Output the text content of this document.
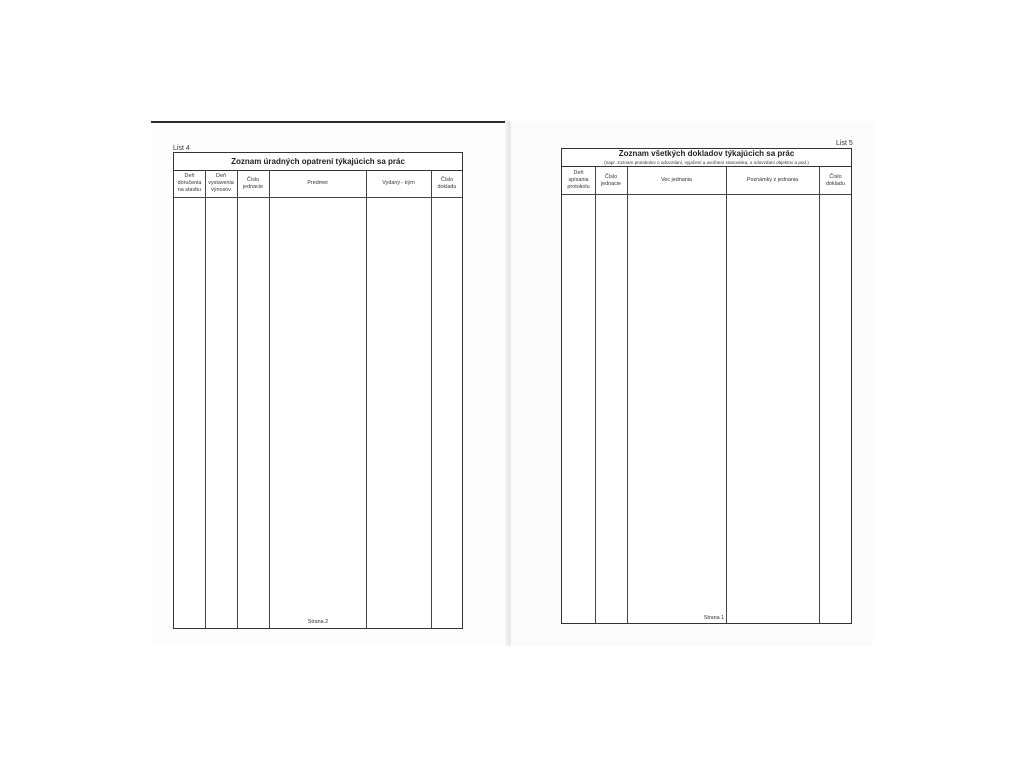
List 4
Zoznam úradných opatrení týkajúcich sa prác
Deň
doručenia
na stavbu
Deň
vystavenia
výnosov
Číslo
jednacie
Predmet	Vydaný - kým
Číslo
dokladu
Strana 2
List 5
Zoznam všetkých dokladov týkajúcich sa prác
(napr. zoznam protokolov o odovzdaní, vyjačení a uvoľnení stanoviska, o odovzdaní objektov a pod.)
Deň
spísania
protokolu
Číslo
jednacie
Vec jednania	Poznámky z jednania
Číslo
dokladu
Strana 1
